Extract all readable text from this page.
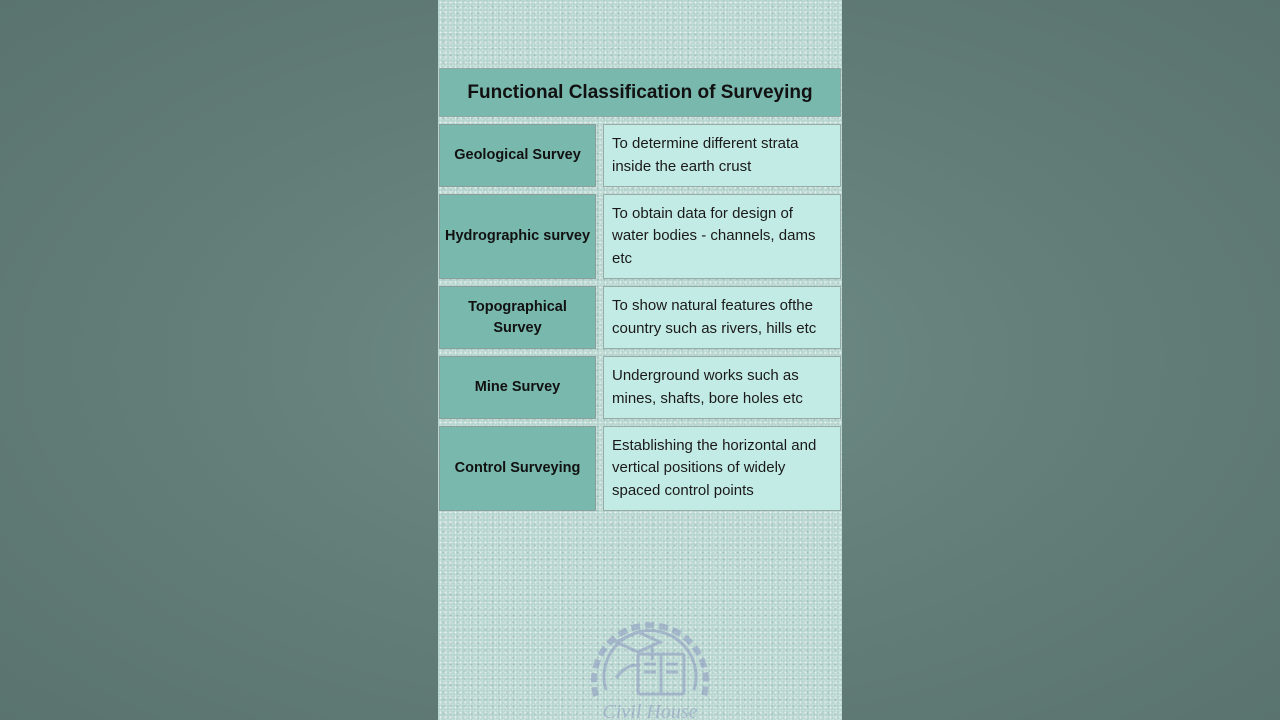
Functional Classification of Surveying
Geological Survey
To determine different strata inside the earth crust
Hydrographic survey
To obtain data for design of water bodies - channels, dams etc
Topographical Survey
To show natural features ofthe country such as rivers, hills etc
Mine Survey
Underground works such as mines, shafts, bore holes etc
Control Surveying
Establishing the horizontal and vertical positions of widely spaced control points
Civil House
